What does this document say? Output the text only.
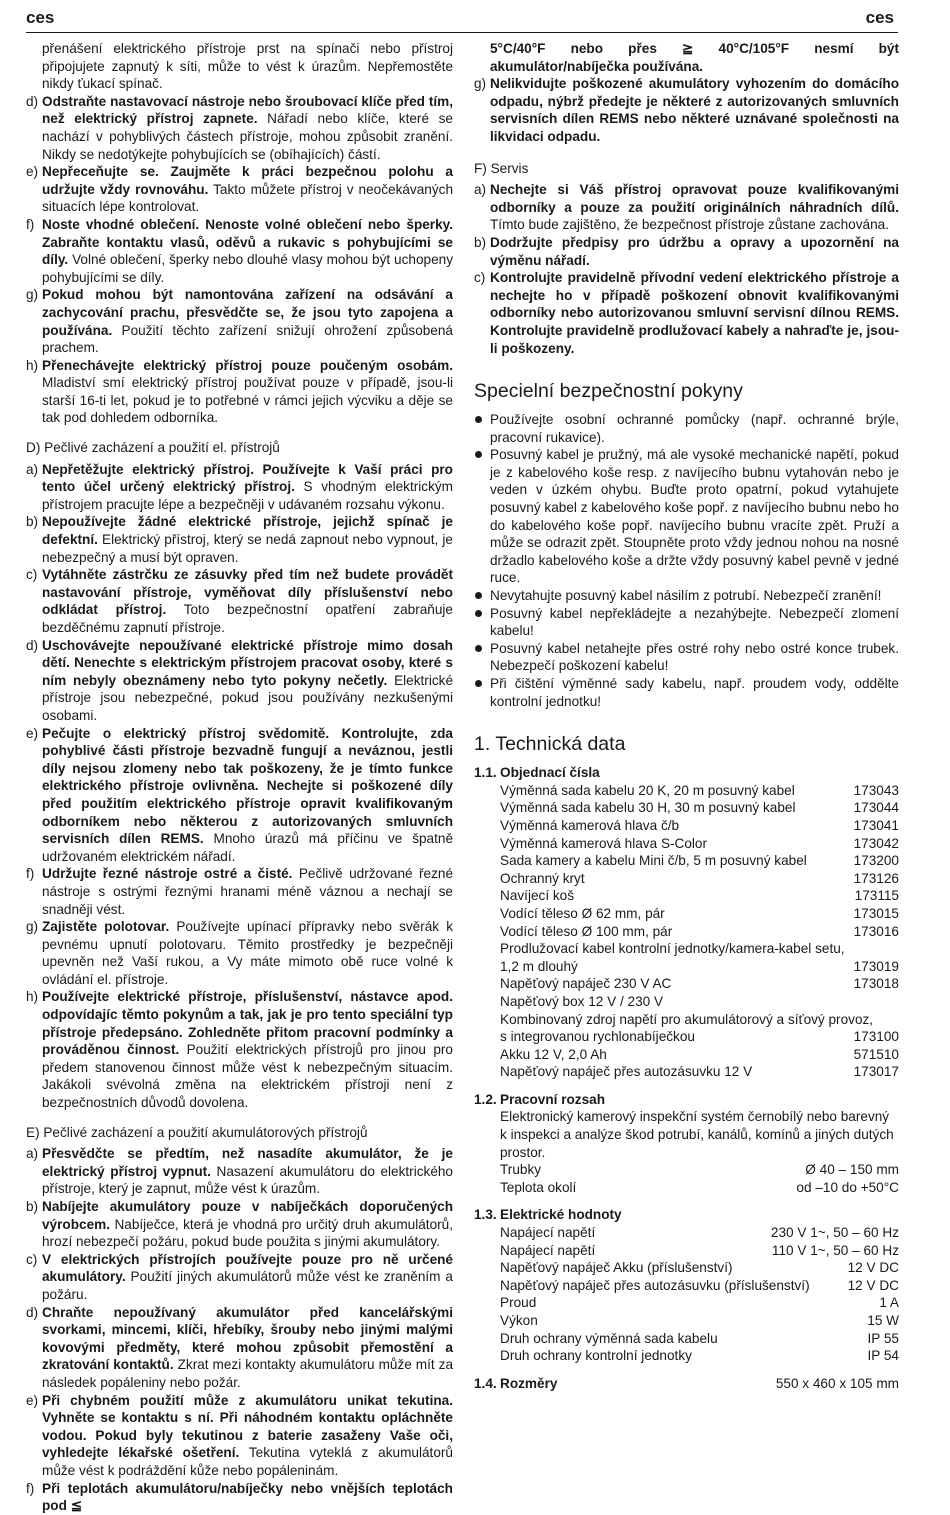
ces	ces
přenášení elektrického přístroje prst na spínači nebo přístroj připojujete zapnutý k síti, může to vést k úrazům. Nepřemostěte nikdy ťukací spínač.
d) Odstraňte nastavovací nástroje nebo šroubovací klíče před tím, než elektrický přístroj zapnete. Nářadí nebo klíče, které se nachází v pohyblivých částech přístroje, mohou způsobit zranění. Nikdy se nedotýkejte pohybujících se (obíhajících) částí.
e) Nepřeceňujte se. Zaujměte k práci bezpečnou polohu a udržujte vždy rovnováhu. Takto můžete přístroj v neočekávaných situacích lépe kontrolovat.
f) Noste vhodné oblečení. Nenoste volné oblečení nebo šperky. Zabraňte kontaktu vlasů, oděvů a rukavic s pohybujícími se díly. Volné oblečení, šperky nebo dlouhé vlasy mohou být uchopeny pohybujícími se díly.
g) Pokud mohou být namontována zařízení na odsávání a zachycování prachu, přesvědčte se, že jsou tyto zapojena a používána. Použití těchto zařízení snižují ohrožení způsobená prachem.
h) Přenechávejte elektrický přístroj pouze poučeným osobám. Mladiství smí elektrický přístroj používat pouze v případě, jsou-li starší 16-ti let, pokud je to potřebné v rámci jejich výcviku a děje se tak pod dohledem odborníka.
D) Pečlivé zacházení a použití el. přístrojů
a) Nepřetěžujte elektrický přístroj. Používejte k Vaší práci pro tento účel určený elektrický přístroj. S vhodným elektrickým přístrojem pracujte lépe a bezpečněji v udávaném rozsahu výkonu.
b) Nepoužívejte žádné elektrické přístroje, jejichž spínač je defektní. Elektrický přístroj, který se nedá zapnout nebo vypnout, je nebezpečný a musí být opraven.
c) Vytáhněte zástrčku ze zásuvky před tím než budete provádět nastavování přístroje, vyměňovat díly příslušenství nebo odkládat přístroj. Toto bezpečnostní opatření zabraňuje bezděčnému zapnutí přístroje.
d) Uschovávejte nepoužívané elektrické přístroje mimo dosah dětí. Nenechte s elektrickým přístrojem pracovat osoby, které s ním nebyly obeznámeny nebo tyto pokyny nečetly. Elektrické přístroje jsou nebezpečné, pokud jsou používány nezkušenými osobami.
e) Pečujte o elektrický přístroj svědomitě. Kontrolujte, zda pohyblivé části přístroje bezvadně fungují a neváznou, jestli díly nejsou zlomeny nebo tak poškozeny, že je tímto funkce elektrického přístroje ovlivněna. Nechejte si poškozené díly před použitím elektrického přístroje opravit kvalifikovaným odborníkem nebo některou z autorizovaných smluvních servisních dílen REMS. Mnoho úrazů má příčinu ve špatně udržovaném elektrickém nářadí.
f) Udržujte řezné nástroje ostré a čisté. Pečlivě udržované řezné nástroje s ostrými řeznými hranami méně váznou a nechají se snadněji vést.
g) Zajistěte polotovar. Používejte upínací přípravky nebo svěrák k pevnému upnutí polotovaru. Těmito prostředky je bezpečněji upevněn než Vaší rukou, a Vy máte mimoto obě ruce volné k ovládání el. přístroje.
h) Používejte elektrické přístroje, příslušenství, nástavce apod. odpovídajíc těmto pokynům a tak, jak je pro tento speciální typ přístroje předepsáno. Zohledněte přitom pracovní podmínky a prováděnou činnost. Použití elektrických přístrojů pro jinou pro předem stanovenou činnost může vést k nebezpečným situacím. Jakákoli svévolná změna na elektrickém přístroji není z bezpečnostních důvodů dovolena.
E) Pečlivé zacházení a použití akumulátorových přístrojů
a) Přesvědčte se předtím, než nasadíte akumulátor, že je elektrický přístroj vypnut. Nasazení akumulátoru do elektrického přístroje, který je zapnut, může vést k úrazům.
b) Nabíjejte akumulátory pouze v nabíječkách doporučených výrobcem. Nabíječce, která je vhodná pro určitý druh akumulátorů, hrozí nebezpečí požáru, pokud bude použita s jinými akumulátory.
c) V elektrických přístrojích používejte pouze pro ně určené akumulátory. Použití jiných akumulátorů může vést ke zraněním a požáru.
d) Chraňte nepoužívaný akumulátor před kancelářskými svorkami, mincemi, klíči, hřebíky, šrouby nebo jinými malými kovovými předměty, které mohou způsobit přemostění a zkratování kontaktů. Zkrat mezi kontakty akumulátoru může mít za následek popáleniny nebo požár.
e) Při chybném použití může z akumulátoru unikat tekutina. Vyhněte se kontaktu s ní. Při náhodném kontaktu opláchněte vodou. Pokud byly tekutinou z baterie zasaženy Vaše oči, vyhledejte lékařské ošetření. Tekutina vyteklá z akumulátorů může vést k podráždění kůže nebo popáleninám.
f) Při teplotách akumulátoru/nabíječky nebo vnějších teplotách pod ≦
5°C/40°F nebo přes ≧ 40°C/105°F nesmí být akumulátor/nabíječka používána.
g) Nelikvidujte poškozené akumulátory vyhozením do domácího odpadu, nýbrž předejte je některé z autorizovaných smluvních servisních dílen REMS nebo některé uznávané společnosti na likvidaci odpadu.
F) Servis
a) Nechejte si Váš přístroj opravovat pouze kvalifikovanými odborníky a pouze za použití originálních náhradních dílů. Tímto bude zajištěno, že bezpečnost přístroje zůstane zachována.
b) Dodržujte předpisy pro údržbu a opravy a upozornění na výměnu nářadí.
c) Kontrolujte pravidelně přívodní vedení elektrického přístroje a nechejte ho v případě poškození obnovit kvalifikovanými odborníky nebo autorizovanou smluvní servisní dílnou REMS. Kontrolujte pravidelně prodlužovací kabely a nahraďte je, jsou-li poškozeny.
Specielní bezpečnostní pokyny
Používejte osobní ochranné pomůcky (např. ochranné brýle, pracovní rukavice).
Posuvný kabel je pružný, má ale vysoké mechanické napětí, pokud je z kabelového koše resp. z navíjecího bubnu vytahován nebo je veden v úzkém ohybu. Buďte proto opatrní, pokud vytahujete posuvný kabel z kabelového koše popř. z navíjecího bubnu nebo ho do kabelového koše popř. navíjecího bubnu vracíte zpět. Pruží a může se odrazit zpět. Stoupněte proto vždy jednou nohou na nosné držadlo kabelového koše a držte vždy posuvný kabel pevně v jedné ruce.
Nevytahujte posuvný kabel násilím z potrubí. Nebezpečí zranění!
Posuvný kabel nepřekládejte a nezahýbejte. Nebezpečí zlomení kabelu!
Posuvný kabel netahejte přes ostré rohy nebo ostré konce trubek. Nebezpečí poškození kabelu!
Při čištění výměnné sady kabelu, např. proudem vody, oddělte kontrolní jednotku!
1. Technická data
1.1. Objednací čísla
Výměnná sada kabelu 20 K, 20 m posuvný kabel	173043
Výměnná sada kabelu 30 H, 30 m posuvný kabel	173044
Výměnná kamerová hlava č/b	173041
Výměnná kamerová hlava S-Color	173042
Sada kamery a kabelu Mini č/b, 5 m posuvný kabel	173200
Ochranný kryt	173126
Navíjecí koš	173115
Vodící těleso Ø 62 mm, pár	173015
Vodící těleso Ø 100 mm, pár	173016
Prodlužovací kabel kontrolní jednotky/kamera-kabel setu,
1,2 m dlouhý	173019
Napěťový napáječ 230 V AC	173018
Napěťový box 12 V / 230 V
Kombinovaný zdroj napětí pro akumulátorový a síťový provoz,
s integrovanou rychlonabíječkou	173100
Akku 12 V, 2,0 Ah	571510
Napěťový napáječ přes autozásuvku 12 V	173017
1.2. Pracovní rozsah
Elektronický kamerový inspekční systém černobílý nebo barevný k inspekci a analýze škod potrubí, kanálů, komínů a jiných dutých prostor.
Trubky	Ø 40 – 150 mm
Teplota okolí	od –10 do +50°C
1.3. Elektrické hodnoty
Napájecí napětí	230 V 1~, 50 – 60 Hz
Napájecí napětí	110 V 1~, 50 – 60 Hz
Napěťový napáječ Akku (příslušenství)	12 V DC
Napěťový napáječ přes autozásuvku (příslušenství)	12 V DC
Proud	1 A
Výkon	15 W
Druh ochrany výměnná sada kabelu	IP 55
Druh ochrany kontrolní jednotky	IP 54
1.4. Rozměry	550 x 460 x 105 mm
